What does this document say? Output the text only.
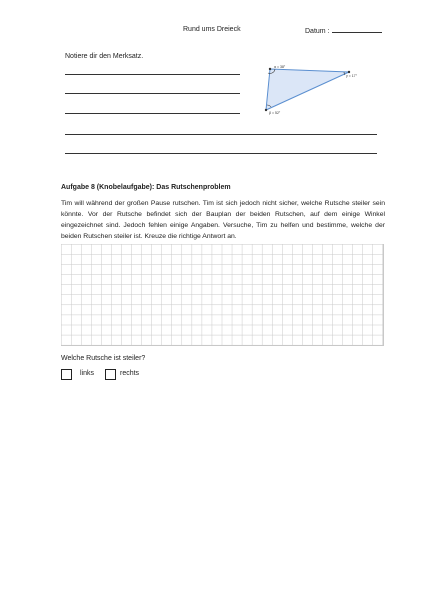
Rund ums Dreieck	Datum :
Notiere dir den Merksatz.
α = 38°
γ = 17°
β = 52°
Aufgabe 8 (Knobelaufgabe): Das Rutschenproblem

Tim will während der großen Pause rutschen. Tim ist sich jedoch nicht sicher, welche Rutsche steiler sein könnte. Vor der Rutsche befindet sich der Bauplan der beiden Rutschen, auf dem einige Winkel eingezeichnet sind. Jedoch fehlen einige Angaben. Versuche, Tim zu helfen und bestimme, welche der beiden Rutschen steiler ist. Kreuze die richtige Antwort an.

Welche Rutsche ist steiler?
links	rechts
